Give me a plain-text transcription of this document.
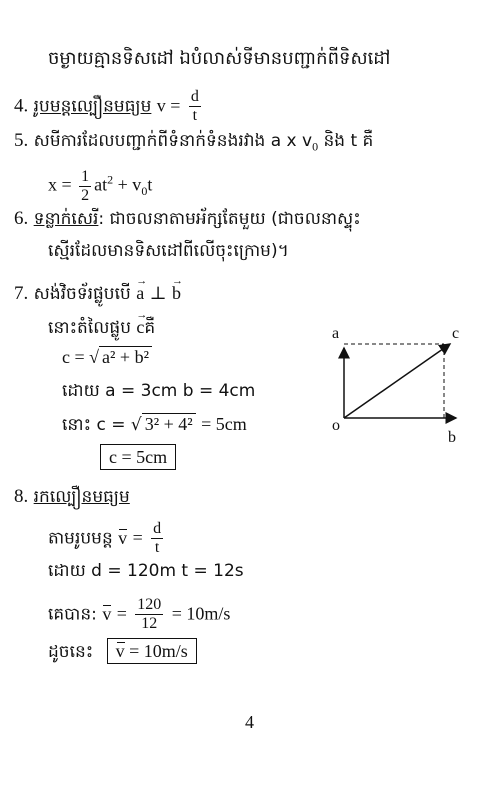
ចម្ងាយគ្មានទិសដៅ ឯបំលាស់ទីមានបញ្ជាក់ពីទិសដៅ
4. រូបមន្តល្បឿនមធ្យម $v = \frac{d}{t}$
5. សមីការដែលបញ្ជាក់ពីទំនាក់ទំនងរវាង a x $v_0$ និង t គឺ
$x = \frac{1}{2} at^2 + v_0t$
6. ទន្លាក់សេរី: ជាចលនាតាមអ័ក្សតែមួយ (ជាចលនាស្ទុះ
ស្មើរដែលមានទិសដៅពីលើចុះក្រោម)។
7. សង់វិចទ័រផ្លូបបើ → a ⊥ → b
នោះតំលៃផ្លូប → cគឺ
c = √ a² + b²
ដោយ a = 3cm b = 4cm
នោះ c = √ 3² + 4² = 5cm
c = 5cm
a	c
b
o
8. រកល្បឿនមធ្យម
តាមរូបមន្ត $v = \frac{d}{t}$
ដោយ d = 120m t = 12s
គេបាន: $v = \frac{120}{12} = 10m/s$
ដូចនេះ v = 10m/s
4
